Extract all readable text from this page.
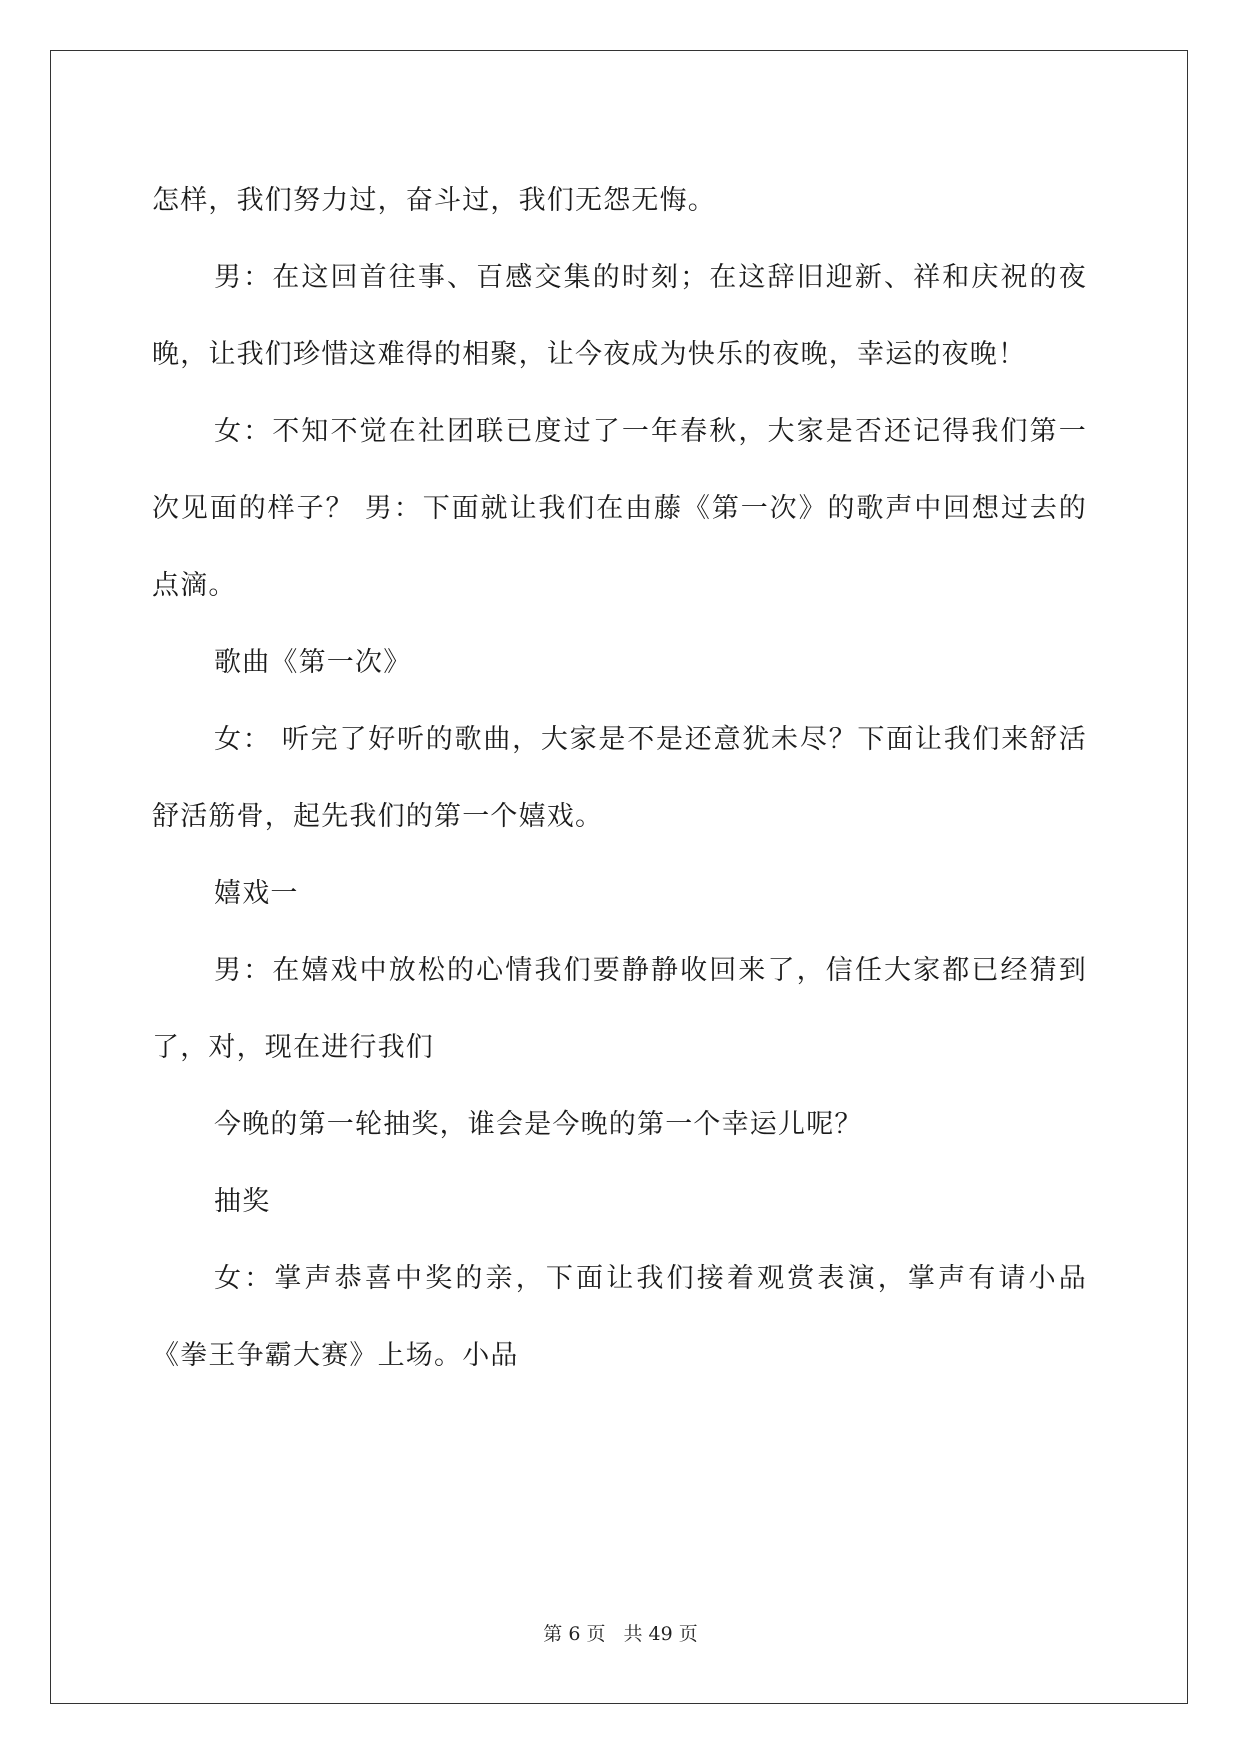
怎样，我们努力过，奋斗过，我们无怨无悔。

男：在这回首往事、百感交集的时刻；在这辞旧迎新、祥和庆祝的夜晚，让我们珍惜这难得的相聚，让今夜成为快乐的夜晚，幸运的夜晚！

女：不知不觉在社团联已度过了一年春秋，大家是否还记得我们第一次见面的样子？ 男：下面就让我们在由藤《第一次》的歌声中回想过去的点滴。

歌曲《第一次》

女： 听完了好听的歌曲，大家是不是还意犹未尽？下面让我们来舒活舒活筋骨，起先我们的第一个嬉戏。

嬉戏一

男：在嬉戏中放松的心情我们要静静收回来了，信任大家都已经猜到了，对，现在进行我们

今晚的第一轮抽奖，谁会是今晚的第一个幸运儿呢？

抽奖

女：掌声恭喜中奖的亲，下面让我们接着观赏表演，掌声有请小品《拳王争霸大赛》上场。小品

第 6 页 共 49 页
